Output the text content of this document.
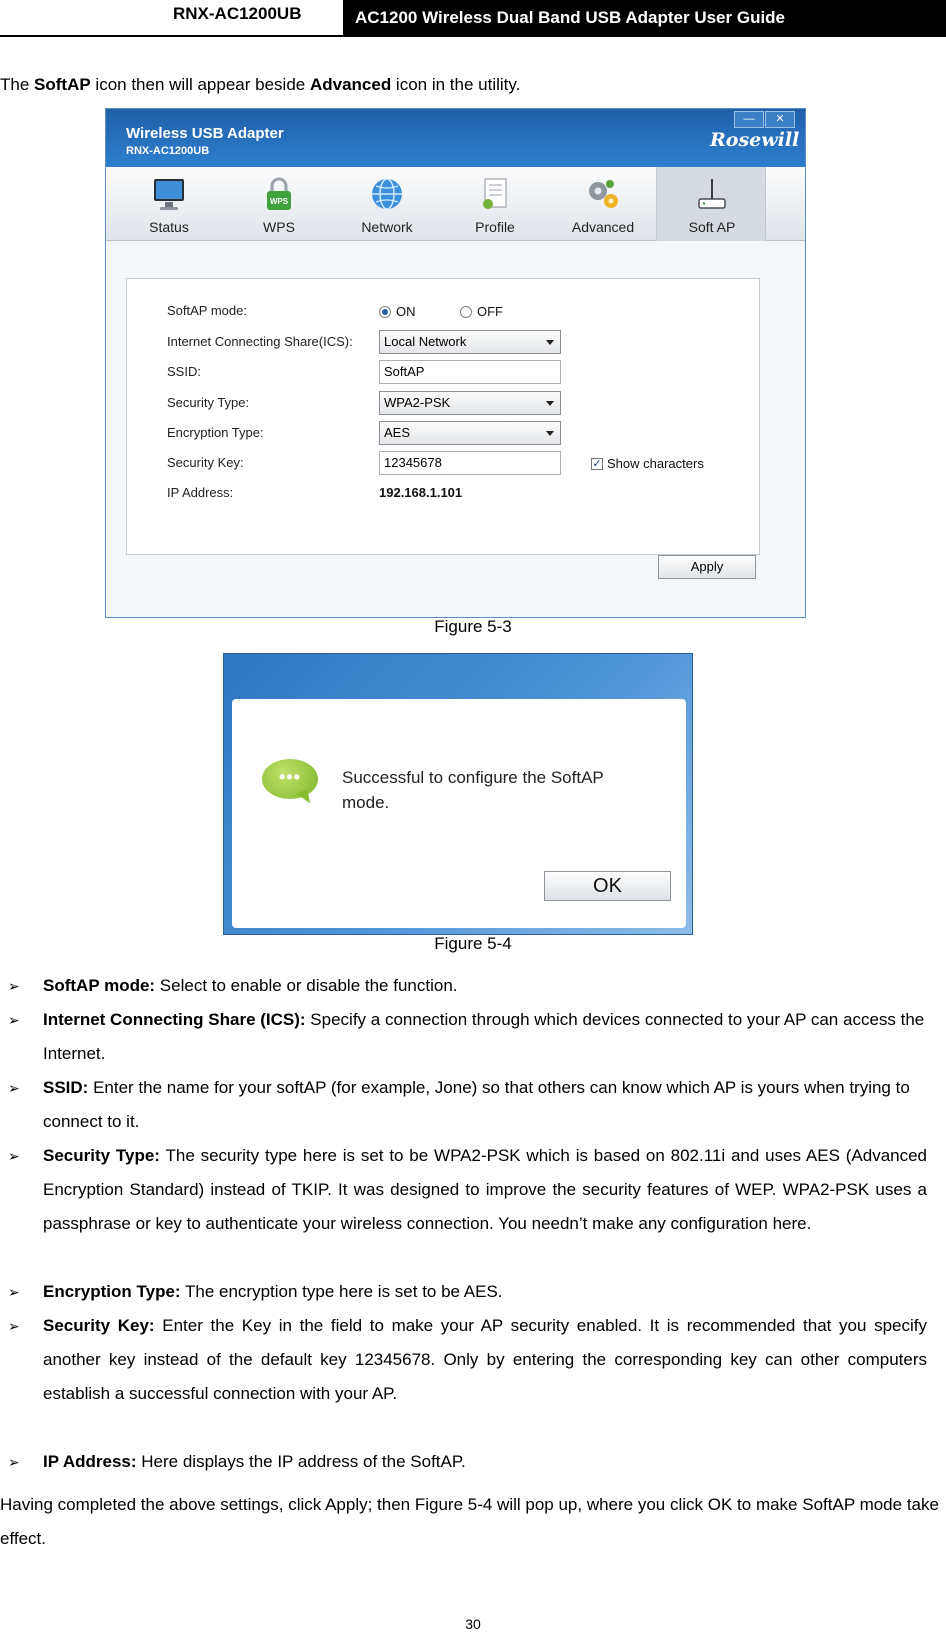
RNX-AC1200UB	AC1200 Wireless Dual Band USB Adapter User Guide
The SoftAP icon then will appear beside Advanced icon in the utility.
Wireless USB Adapter
RNX-AC1200UB	Rosewill
—	✕
Status
WPS
WPS	Network	Profile	Advanced	Soft AP
SoftAP mode:	ON	OFF
Internet Connecting Share(ICS):	Local Network
SSID:	SoftAP
Security Type:	WPA2-PSK
Encryption Type:	AES
Security Key:	12345678	✓ Show characters
IP Address:	192.168.1.101
Apply
Figure 5-3
•••	Successful to configure the SoftAP mode.
OK
Figure 5-4
➢ SoftAP mode: Select to enable or disable the function.
➢ Internet Connecting Share (ICS): Specify a connection through which devices connected to your AP can access the Internet.
➢ SSID: Enter the name for your softAP (for example, Jone) so that others can know which AP is yours when trying to connect to it.
➢ Security Type: The security type here is set to be WPA2-PSK which is based on 802.11i and uses AES (Advanced Encryption Standard) instead of TKIP. It was designed to improve the security features of WEP. WPA2-PSK uses a passphrase or key to authenticate your wireless connection. You needn’t make any configuration here.
➢ Encryption Type: The encryption type here is set to be AES.
➢ Security Key: Enter the Key in the field to make your AP security enabled. It is recommended that you specify another key instead of the default key 12345678. Only by entering the corresponding key can other computers establish a successful connection with your AP.
➢ IP Address: Here displays the IP address of the SoftAP.
Having completed the above settings, click Apply; then Figure 5-4 will pop up, where you click OK to make SoftAP mode take effect.
30
